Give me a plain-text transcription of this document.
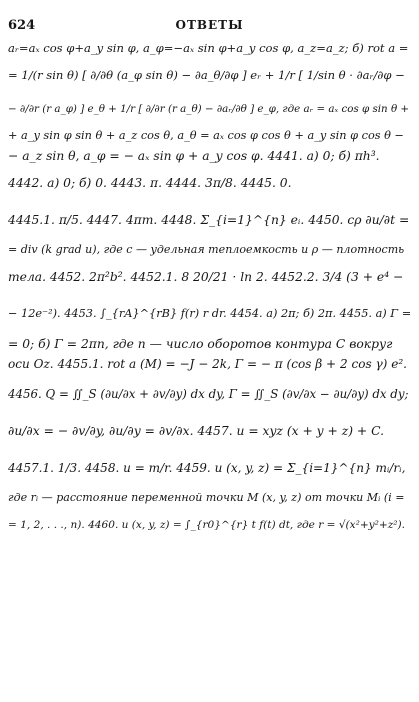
624	ОТВЕТЫ
aᵣ=aₓ cos φ+a_y sin φ, a_φ=−aₓ sin φ+a_y cos φ, a_z=a_z; б) rot a =
= 1/(r sin θ) [ ∂/∂θ (a_φ sin θ) − ∂a_θ/∂φ ] eᵣ + 1/r [ 1/sin θ · ∂aᵣ/∂φ −
− ∂/∂r (r a_φ) ] e_θ + 1/r [ ∂/∂r (r a_θ) − ∂aᵣ/∂θ ] e_φ, где aᵣ = aₓ cos φ sin θ +
+ a_y sin φ sin θ + a_z cos θ, a_θ = aₓ cos φ cos θ + a_y sin φ cos θ −
− a_z sin θ, a_φ = − aₓ sin φ + a_y cos φ. 4441. а) 0; б) πh³.
4442. а) 0; б) 0. 4443. π. 4444. 3π/8. 4445. 0.
4445.1. π/5. 4447. 4πm. 4448. Σ_{i=1}^{n} eᵢ. 4450. cρ ∂u/∂t =
= div (k grad u), где c — удельная теплоемкость и ρ — плотность
тела. 4452. 2π²b². 4452.1. 8 20/21 · ln 2. 4452.2. 3/4 (3 + e⁴ −
− 12e⁻²). 4453. ∫_{rA}^{rB} f(r) r dr. 4454. а) 2π; б) 2π. 4455. а) Γ =
= 0; б) Γ = 2πn, где n — число оборотов контура C вокруг
оси Oz. 4455.1. rot a (M) = −J − 2k, Γ = − π (cos β + 2 cos γ) e².
4456. Q = ∬_S (∂u/∂x + ∂v/∂y) dx dy, Γ = ∬_S (∂v/∂x − ∂u/∂y) dx dy;
∂u/∂x = − ∂v/∂y, ∂u/∂y = ∂v/∂x. 4457. u = xyz (x + y + z) + C.
4457.1. 1/3. 4458. u = m/r. 4459. u (x, y, z) = Σ_{i=1}^{n} mᵢ/rᵢ,
где rᵢ — расстояние переменной точки M (x, y, z) от точки Mᵢ (i =
= 1, 2, . . ., n). 4460. u (x, y, z) = ∫_{r0}^{r} t f(t) dt, где r = √(x²+y²+z²).
